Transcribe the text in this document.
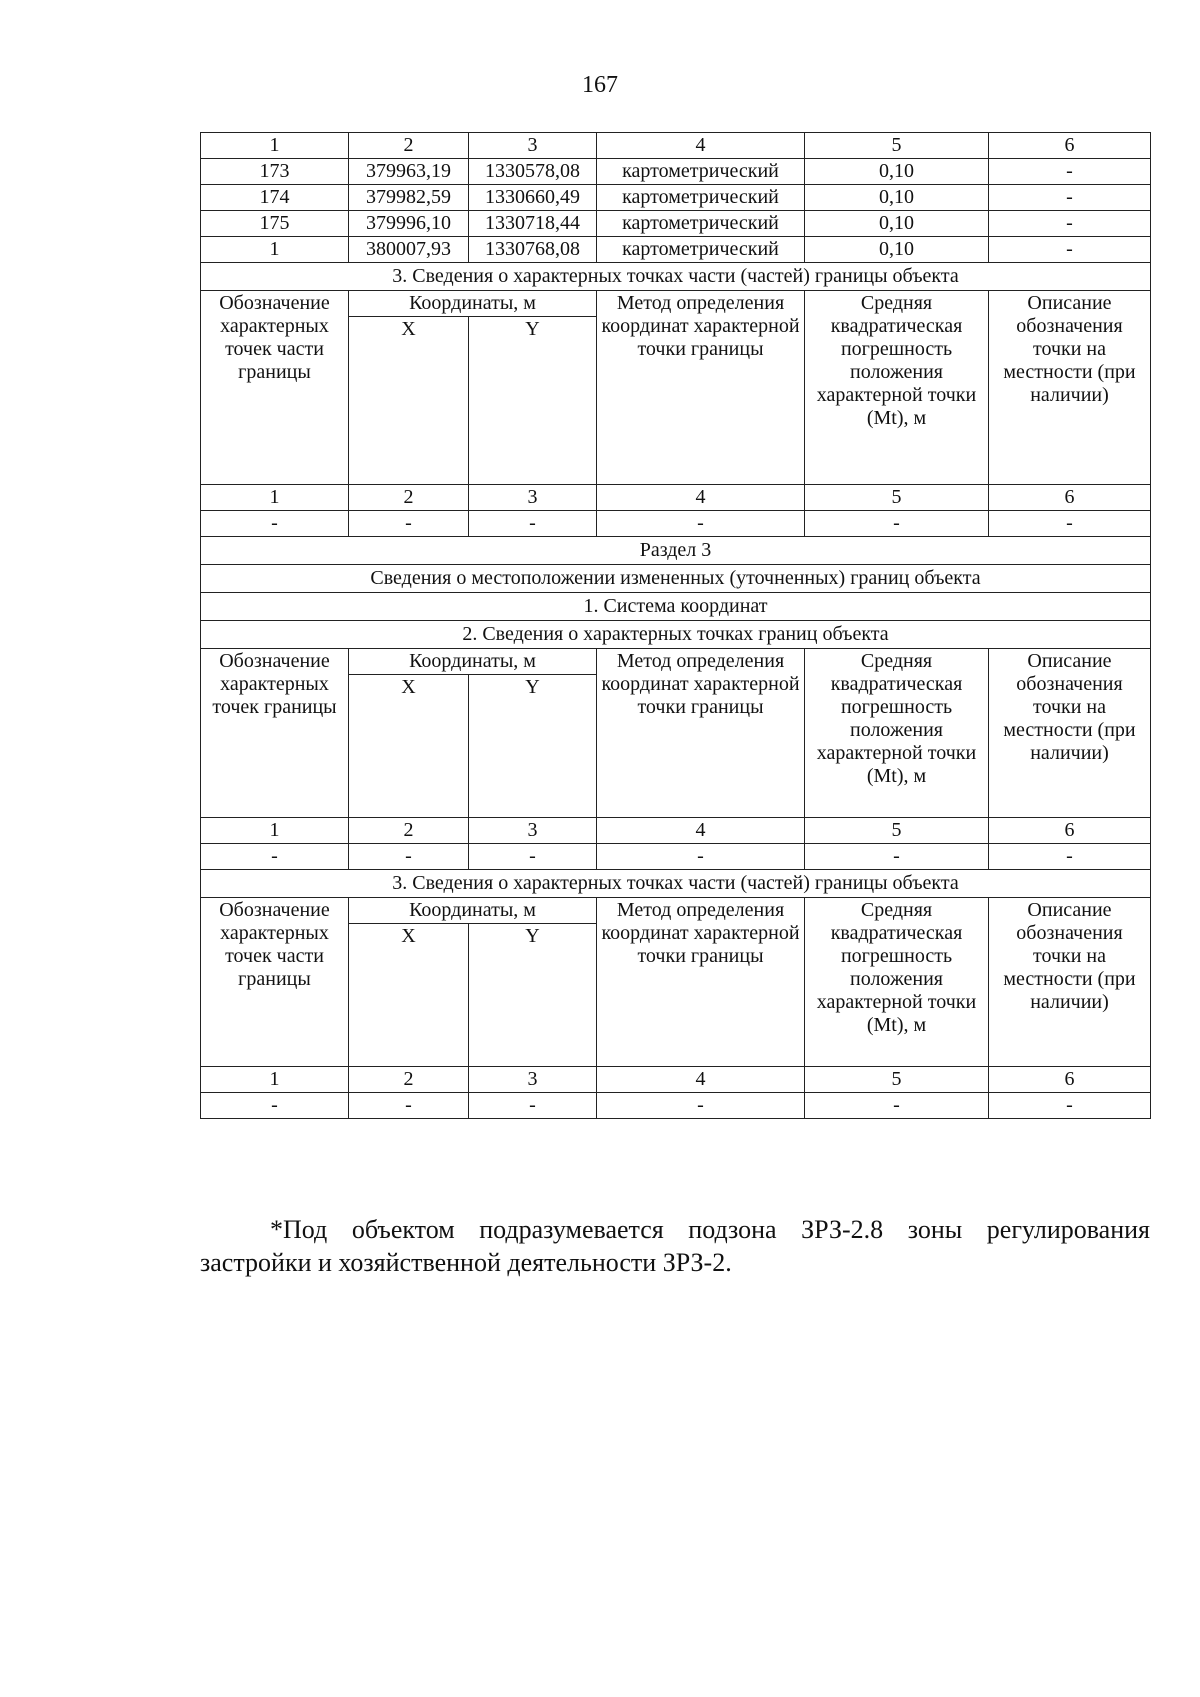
167
1	2	3	4	5	6
173	379963,19	1330578,08	картометрический	0,10	-
174	379982,59	1330660,49	картометрический	0,10	-
175	379996,10	1330718,44	картометрический	0,10	-
1	380007,93	1330768,08	картометрический	0,10	-
3. Сведения о характерных точках части (частей) границы объекта					
Обозначение характерных точек части границы	Координаты, м		Метод определения координат характерной точки границы	Средняя квадратическая погрешность положения характерной точки (Mt), м	Описание обозначения точки на местности (при наличии)
	X	Y			
1	2	3	4	5	6
-	-	-	-	-	-
Раздел 3					
Сведения о местоположении измененных (уточненных) границ объекта					
1. Система координат					
2. Сведения о характерных точках границ объекта					
Обозначение характерных точек границы	Координаты, м		Метод определения координат характерной точки границы	Средняя квадратическая погрешность положения характерной точки (Mt), м	Описание обозначения точки на местности (при наличии)
	X	Y			
1	2	3	4	5	6
-	-	-	-	-	-
3. Сведения о характерных точках части (частей) границы объекта					
Обозначение характерных точек части границы	Координаты, м		Метод определения координат характерной точки границы	Средняя квадратическая погрешность положения характерной точки (Mt), м	Описание обозначения точки на местности (при наличии)
	X	Y			
1	2	3	4	5	6
-	-	-	-	-	-

*Под объектом подразумевается подзона ЗРЗ-2.8 зоны регулирования застройки и хозяйственной деятельности ЗРЗ-2.
